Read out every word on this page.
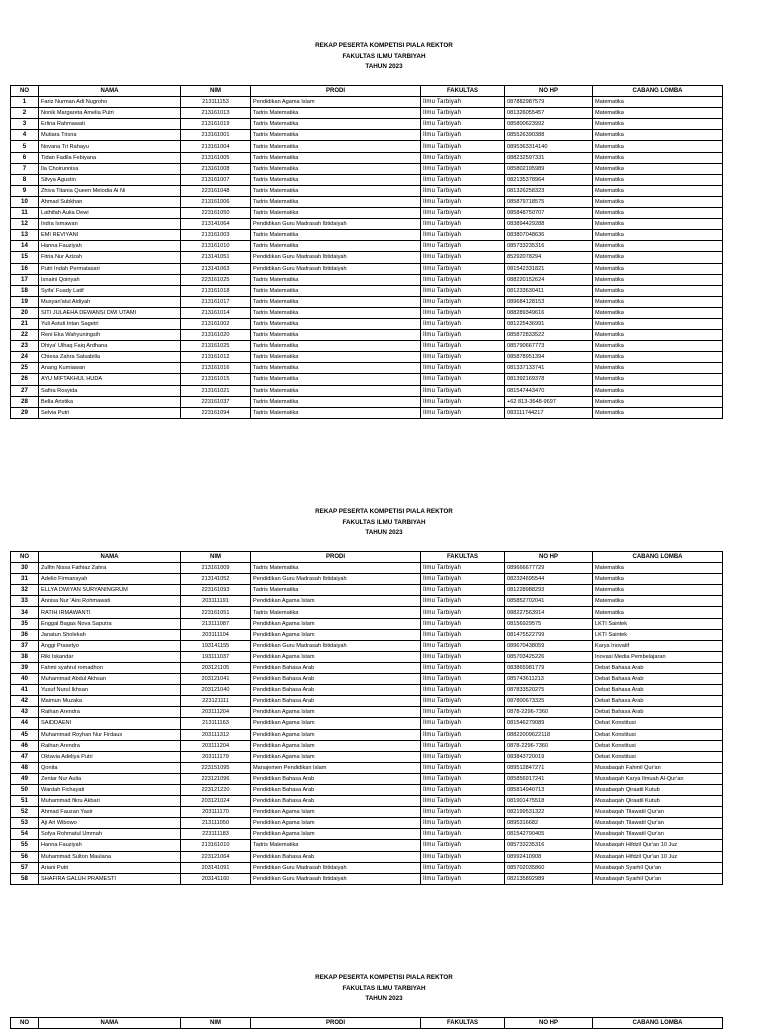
REKAP PESERTA KOMPETISI PIALA REKTOR
FAKULTAS ILMU TARBIYAH
TAHUN 2023
NO	NAMA	NIM	PRODI	FAKULTAS	NO HP	CABANG LOMBA
1	Fariz Nurman Adi Nugroho	213111153	Pendidikan Agama Islam	Ilmu Tarbiyah	087882987579	Matematika
2	Nonik Margareta Amelia Putri	213161013	Tadris Matematika	Ilmu Tarbiyah	081326055457	Matematika
3	Erlina Rahmawati	213161019	Tadris Matematika	Ilmu Tarbiyah	085800623992	Matematika
4	Mutiara Trisna	213161001	Tadris Matematika	Ilmu Tarbiyah	085526390388	Matematika
5	Novana Tri Rahayu	213161004	Tadris Matematika	Ilmu Tarbiyah	0895363314140	Matematika
6	Tidan Fadila Febiyana	213161005	Tadris Matematika	Ilmu Tarbiyah	088232597331	Matematika
7	Ila Choirunnisa	213161008	Tadris Matematika	Ilmu Tarbiyah	085802195989	Matematika
8	Silvya Agustin	213161007	Tadris Matematika	Ilmu Tarbiyah	082135378964	Matematika
9	Zhiva Titania Queen Melodia Ai Ni	223161048	Tadris Matematika	Ilmu Tarbiyah	081326258323	Matematika
10	Ahmad Subkhan	213161006	Tadris Matematika	Ilmu Tarbiyah	085879718575	Matematika
11	Lathifah Aulia Dewi	223161050	Tadris Matematika	Ilmu Tarbiyah	085848750707	Matematika
12	Indra Ismawan	213141064	Pendidikan Guru Madrasah Ibtidaiyah	Ilmu Tarbiyah	083894429288	Matematika
13	EMI REVIYANI	213161003	Tadris Matematika	Ilmu Tarbiyah	083807048636	Matematika
14	Hanna Fauziyah	213161010	Tadris Matematika	Ilmu Tarbiyah	085733235316	Matematika
15	Fitria Nur Azizah	213141051	Pendidikan Guru Madrasah Ibtidaiyah	Ilmu Tarbiyah	85292078294	Matematika
16	Putri Indah Permatasari	213141063	Pendidikan Guru Madrasah Ibtidaiyah	Ilmu Tarbiyah	081542331821	Matematika
17	Isnaini Qoiriyah	223161025	Tadris Matematika	Ilmu Tarbiyah	088220152624	Matematika
18	Syifa' Fuady Latif	213161018	Tadris Matematika	Ilmu Tarbiyah	081233630411	Matematika
19	Musyari'atul Aidiyah	213161017	Tadris Matematika	Ilmu Tarbiyah	089684128153	Matematika
20	SITI JULAEHA DEWANSI DWI UTAMI	213161014	Tadris Matematika	Ilmu Tarbiyah	088289349616	Matematika
21	Yuli Astuti Intan Sagetri	213161002	Tadris Matematika	Ilmu Tarbiyah	081225436991	Matematika
22	Reni Eka Wahyuningsih	213161020	Tadris Matematika	Ilmu Tarbiyah	085872833522	Matematika
23	Dhiya' Ulhaq Faiq Ardhana	213161025	Tadris Matematika	Ilmu Tarbiyah	085790667773	Matematika
24	Chiesa Zahra Salsabilla	213161012	Tadris Matematika	Ilmu Tarbiyah	085878951394	Matematika
25	Anang Kurniawan	213161016	Tadris Matematika	Ilmu Tarbiyah	081337133741	Matematika
26	AYU MIFTAKHUL HUDA	213161015	Tadris Matematika	Ilmu Tarbiyah	081392169378	Matematika
27	Safira Rosyida	213161021	Tadris Matematika	Ilmu Tarbiyah	081547443470	Matematika
28	Bella Aristika	223161037	Tadris Matematika	Ilmu Tarbiyah	+62 813-3648-9697	Matematika
29	Selvia Putri	223161094	Tadris Matematika	Ilmu Tarbiyah	083111744217	Matematika
REKAP PESERTA KOMPETISI PIALA REKTOR
FAKULTAS ILMU TARBIYAH
TAHUN 2023
NO	NAMA	NIM	PRODI	FAKULTAS	NO HP	CABANG LOMBA
30	Zulfin Nissa Fathiaz Zahra	213161009	Tadris Matematika	Ilmu Tarbiyah	089666677729	Matematika
31	Adelio Firmansyah	213141052	Pendidikan Guru Madrasah Ibtidaiyah	Ilmu Tarbiyah	082324695544	Matematika
32	ELLYA DWIYAN SURYANINGRUM	223161093	Tadris Matematika	Ilmu Tarbiyah	081228988293	Matematika
33	Annisa Nur 'Aini Rohmawati	203111191	Pendidikan Agama Islam	Ilmu Tarbiyah	085852702041	Matematika
34	RATIH IRMAWANTI	223161051	Tadris Matematika	Ilmu Tarbiyah	088227563914	Matematika
35	Enggal Bagas Nova Saputra	213111087	Pendidikan Agama Islam	Ilmu Tarbiyah	08156929575	LKTI Saintek
36	Janatun Sholekah	203111104	Pendidikan Agama Islam	Ilmu Tarbiyah	081475522799	LKTI Saintek
37	Anggi Prasetyo	193141155	Pendidikan Guru Madrasah Ibtidaiyah	Ilmu Tarbiyah	089670438059	Karya Inovatif
38	Riki Iskandar	193111037	Pendidikan Agama Islam	Ilmu Tarbiyah	085703425226	Inovasi Media Pembelajaran
39	Fahmi syahrul romadhon	203121105	Pendidikan Bahasa Arab	Ilmu Tarbiyah	083865981779	Debat Bahasa Arab
40	Muhammad Abdul Akhsan	203121041	Pendidikan Bahasa Arab	Ilmu Tarbiyah	085743611213	Debat Bahasa Arab
41	Yusuf Nurul Ikhsan	203121040	Pendidikan Bahasa Arab	Ilmu Tarbiyah	087833520275	Debat Bahasa Arab
42	Maimun Muzaka	223121111	Pendidikan Bahasa Arab	Ilmu Tarbiyah	087800673325	Debat Bahasa Arab
43	Raihan Arendra	203111204	Pendidikan Agama Islam	Ilmu Tarbiyah	0878-2296-7360	Debat Bahasa Arab
44	SAIDDAENI	213111163	Pendidikan Agama Islam	Ilmu Tarbiyah	081546279089	Debat Konstitusi
45	Muhammad Royhan Nur Firdaus	203111312	Pendidikan Agama Islam	Ilmu Tarbiyah	08822009622118	Debat Konstitusi
46	Raihan Arendra	203111204	Pendidikan Agama Islam	Ilmu Tarbiyah	0878-2296-7360	Debat Konstitusi
47	Oktavia Adeliya Putri	203111179	Pendidikan Agama Islam	Ilmu Tarbiyah	083843720019	Debat Konstitusi
48	Qonita	223151095	Manajemen Pendidikan Islam	Ilmu Tarbiyah	089512847271	Musabaqah Fahmil Qur'an
49	Zeniar Nur Aulia	223121096	Pendidikan Bahasa Arab	Ilmu Tarbiyah	085856917241	Musabaqah Karya Ilmuah Al-Qur'an
50	Wardah Fichayati	223121220	Pendidikan Bahasa Arab	Ilmu Tarbiyah	085814940713	Musabaqah Qiraatil Kutub
51	Muhammad fikru Akbari	203121024	Pendidikan Bahasa Arab	Ilmu Tarbiyah	081901475518	Musabaqah Qiraatil Kutub
52	Ahmad Fauzan Yasir	203111170	Pendidikan Agama Islam	Ilmu Tarbiyah	082199531322	Musabaqah Tilawatil Qur'an
53	Aji Ari Wibowo	213111050	Pendidikan Agama Islam	Ilmu Tarbiyah	0895316682	Musabaqah Tilawatil Qur'an
54	Sofya Rohmatul Ummah	223111183	Pendidikan Agama Islam	Ilmu Tarbiyah	081542790405	Musabaqah Tilawatil Qur'an
55	Hanna Fauziyah	213161010	Tadris Matematika	Ilmu Tarbiyah	085733235316	Musabaqah Hifdzil Qur'an 10 Juz
56	Muhammad Sulton Maulana	223121064	Pendidikan Bahasa Arab	Ilmu Tarbiyah	08992410908	Musabaqah Hifdzil Qur'an 10 Juz
57	Ariani Putri	203141091	Pendidikan Guru Madrasah Ibtidaiyah	Ilmu Tarbiyah	085702035860	Musabaqah Syarhil Qur'an
58	SHAFIRA GALUH PRAMESTI	203141160	Pendidikan Guru Madrasah Ibtidaiyah	Ilmu Tarbiyah	082135892989	Musabaqah Syarhil Qur'an
REKAP PESERTA KOMPETISI PIALA REKTOR
FAKULTAS ILMU TARBIYAH
TAHUN 2023
NO	NAMA	NIM	PRODI	FAKULTAS	NO HP	CABANG LOMBA
